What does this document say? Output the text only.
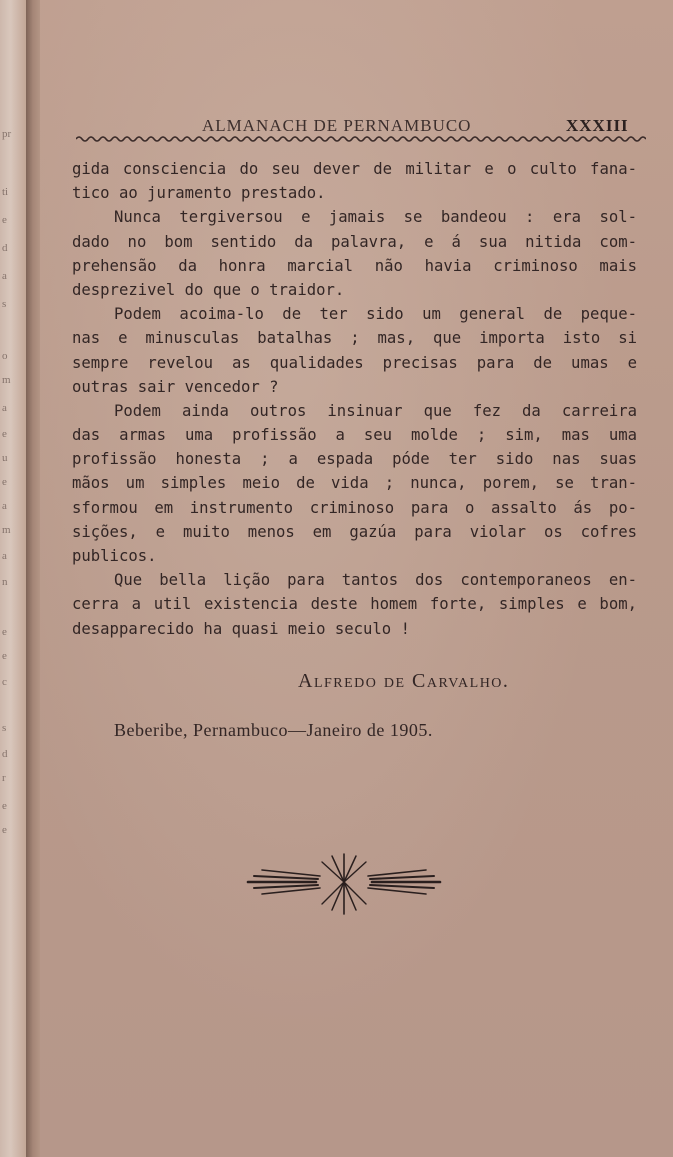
pr
ti
e
d
a
s
o
m
a
e
u
e
a
m
a
n
e
e
c
s
d
r
e
e
ALMANACH DE PERNAMBUCO	XXXIII
gida consciencia do seu dever de militar e o culto fana-
tico ao juramento prestado.
Nunca tergiversou e jamais se bandeou : era sol-
dado no bom sentido da palavra, e á sua nitida com-
prehensão da honra marcial não havia criminoso mais
desprezivel do que o traidor.
Podem acoima-lo de ter sido um general de peque-
nas e minusculas batalhas ; mas, que importa isto si
sempre revelou as qualidades precisas para de umas e
outras sair vencedor ?
Podem ainda outros insinuar que fez da carreira
das armas uma profissão a seu molde ; sim, mas uma
profissão honesta ; a espada póde ter sido nas suas
mãos um simples meio de vida ; nunca, porem, se tran-
sformou em instrumento criminoso para o assalto ás po-
sições, e muito menos em gazúa para violar os cofres
publicos.
Que bella lição para tantos dos contemporaneos en-
cerra a util existencia deste homem forte, simples e bom,
desapparecido ha quasi meio seculo !
Alfredo de Carvalho.
Beberibe, Pernambuco—Janeiro de 1905.
